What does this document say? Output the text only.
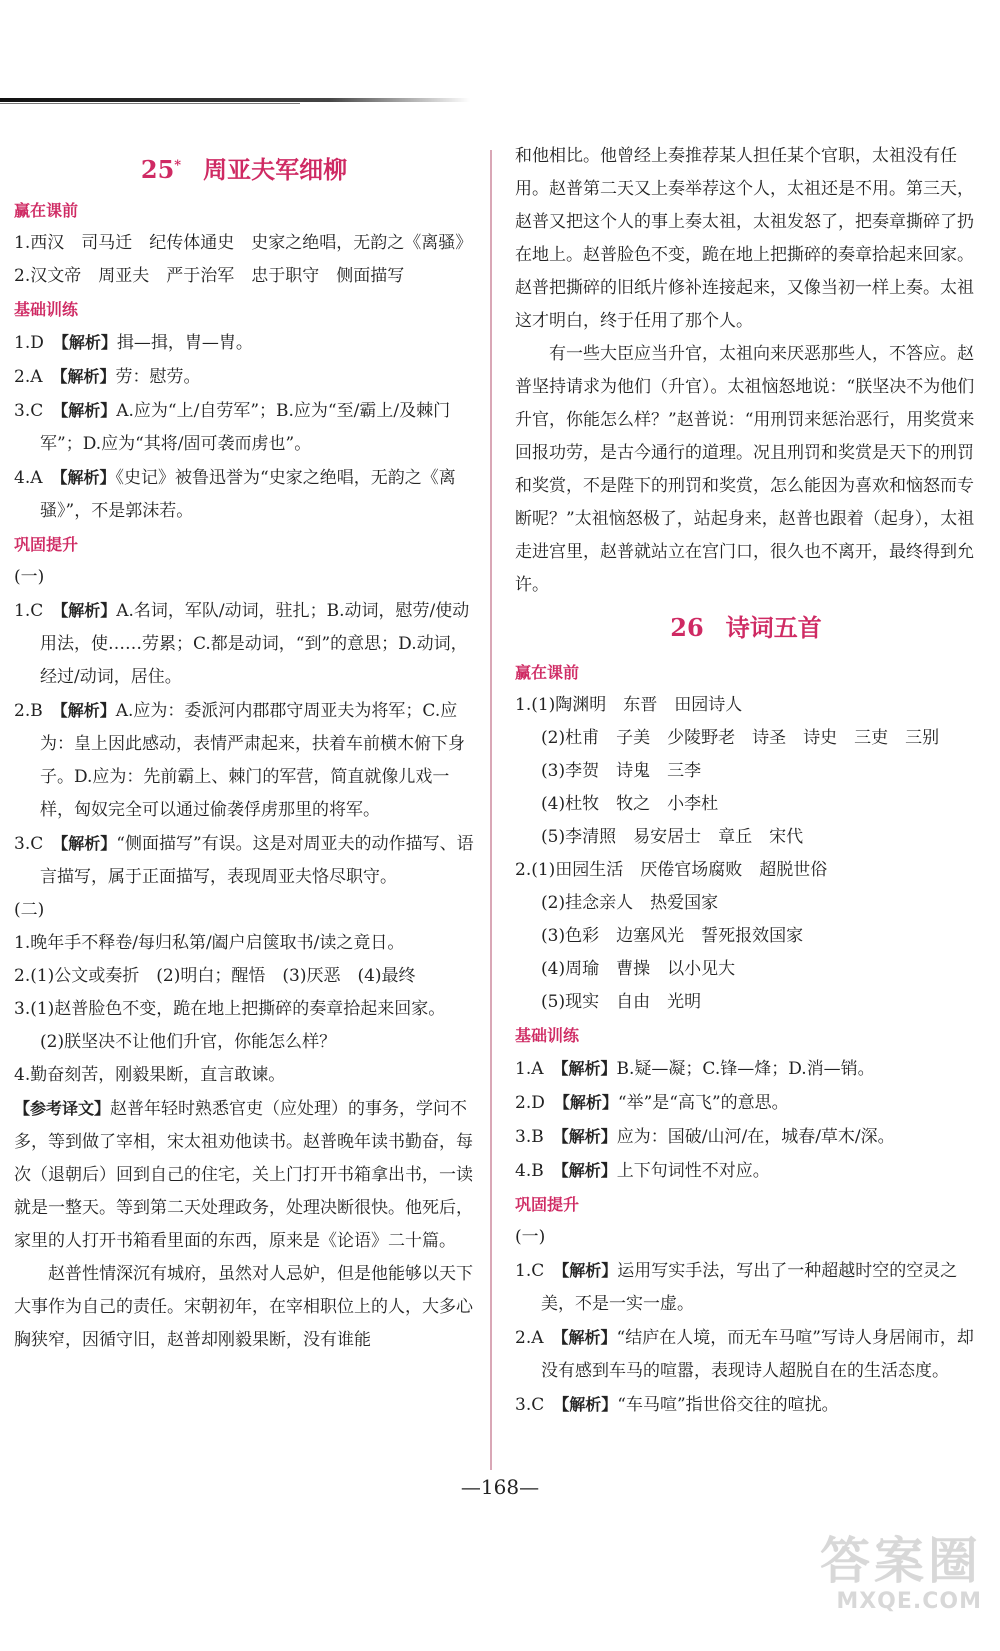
25* 周亚夫军细柳
赢在课前

1.西汉　司马迁　纪传体通史　史家之绝唱，无韵之《离骚》

2.汉文帝　周亚夫　严于治军　忠于职守　侧面描写

基础训练

1.D　 【解析】揖—揖，胄—胄。

2.A　 【解析】劳：慰劳。

3.C　 【解析】A.应为“上/自劳军”；B.应为“至/霸上/及棘门军”；D.应为“其将/固可袭而虏也”。

4.A　 【解析】《史记》被鲁迅誉为“史家之绝唱，无韵之《离骚》”，不是郭沫若。

巩固提升

(一)

1.C　 【解析】A.名词，军队/动词，驻扎；B.动词，慰劳/使动用法，使……劳累；C.都是动词，“到”的意思；D.动词，经过/动词，居住。

2.B　 【解析】A.应为：委派河内郡郡守周亚夫为将军；C.应为：皇上因此感动，表情严肃起来，扶着车前横木俯下身子。D.应为：先前霸上、棘门的军营，简直就像儿戏一样，匈奴完全可以通过偷袭俘虏那里的将军。

3.C　 【解析】“侧面描写”有误。这是对周亚夫的动作描写、语言描写，属于正面描写，表现周亚夫恪尽职守。

(二)

1.晚年手不释卷/每归私第/阖户启箧取书/读之竟日。

2.(1)公文或奏折　(2)明白；醒悟　(3)厌恶　(4)最终

3.(1)赵普脸色不变，跪在地上把撕碎的奏章拾起来回家。

(2)朕坚决不让他们升官，你能怎么样？

4.勤奋刻苦，刚毅果断，直言敢谏。

【参考译文】赵普年轻时熟悉官吏（应处理）的事务，学问不多，等到做了宰相，宋太祖劝他读书。赵普晚年读书勤奋，每次（退朝后）回到自己的住宅，关上门打开书箱拿出书，一读就是一整天。等到第二天处理政务，处理决断很快。他死后，家里的人打开书箱看里面的东西，原来是《论语》二十篇。

赵普性情深沉有城府，虽然对人忌妒，但是他能够以天下大事作为自己的责任。宋朝初年，在宰相职位上的人，大多心胸狭窄，因循守旧，赵普却刚毅果断，没有谁能

和他相比。他曾经上奏推荐某人担任某个官职，太祖没有任用。赵普第二天又上奏举荐这个人，太祖还是不用。第三天，赵普又把这个人的事上奏太祖，太祖发怒了，把奏章撕碎了扔在地上。赵普脸色不变，跪在地上把撕碎的奏章拾起来回家。赵普把撕碎的旧纸片修补连接起来，又像当初一样上奏。太祖这才明白，终于任用了那个人。

有一些大臣应当升官，太祖向来厌恶那些人，不答应。赵普坚持请求为他们（升官）。太祖恼怒地说：“朕坚决不为他们升官，你能怎么样？”赵普说：“用刑罚来惩治恶行，用奖赏来回报功劳，是古今通行的道理。况且刑罚和奖赏是天下的刑罚和奖赏，不是陛下的刑罚和奖赏，怎么能因为喜欢和恼怒而专断呢？”太祖恼怒极了，站起身来，赵普也跟着（起身），太祖走进宫里，赵普就站立在宫门口，很久也不离开，最终得到允许。

26 诗词五首
赢在课前

1.(1)陶渊明　东晋　田园诗人

(2)杜甫　子美　少陵野老　诗圣　诗史　三吏　三别

(3)李贺　诗鬼　三李

(4)杜牧　牧之　小李杜

(5)李清照　易安居士　章丘　宋代

2.(1)田园生活　厌倦官场腐败　超脱世俗

(2)挂念亲人　热爱国家

(3)色彩　边塞风光　誓死报效国家

(4)周瑜　曹操　以小见大

(5)现实　自由　光明

基础训练

1.A　 【解析】B.疑—凝；C.锋—烽；D.消—销。

2.D　 【解析】“举”是“高飞”的意思。

3.B　 【解析】应为：国破/山河/在，城春/草木/深。

4.B　 【解析】上下句词性不对应。

巩固提升

(一)

1.C　 【解析】运用写实手法，写出了一种超越时空的空灵之美，不是一实一虚。

2.A　 【解析】“结庐在人境，而无车马喧”写诗人身居闹市，却没有感到车马的喧嚣，表现诗人超脱自在的生活态度。

3.C　 【解析】“车马喧”指世俗交往的喧扰。

—168—
答案圈
MXQE.COM
